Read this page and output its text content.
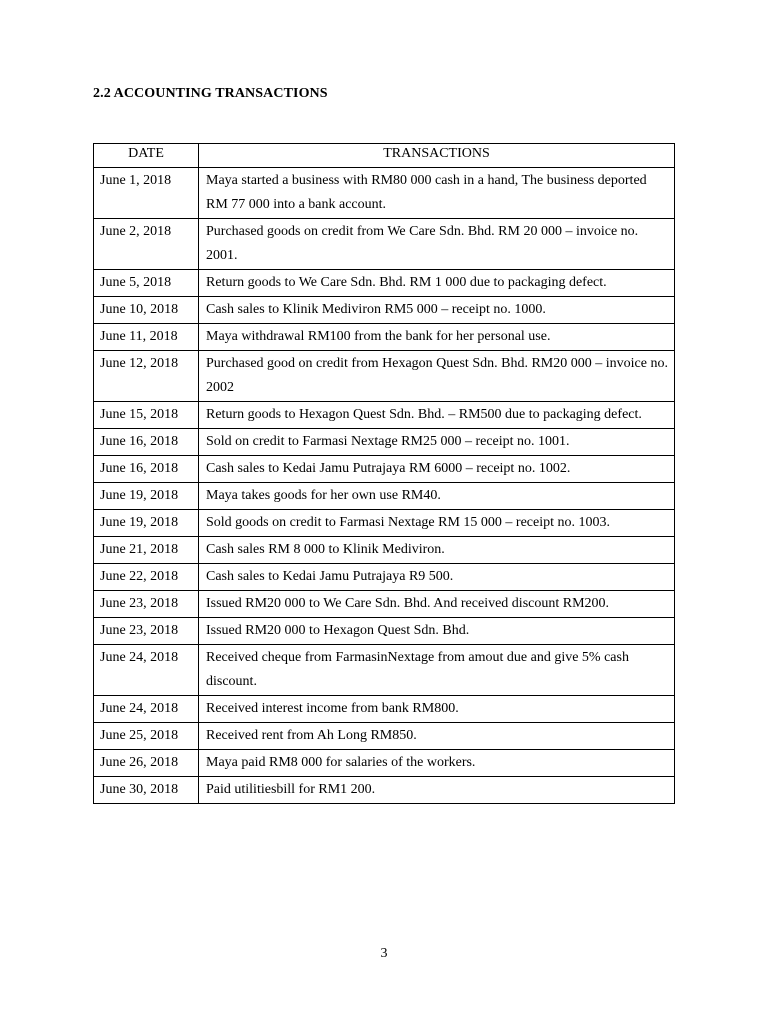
2.2 ACCOUNTING TRANSACTIONS
DATE	TRANSACTIONS
June 1, 2018	Maya started a business with RM80 000 cash in a hand, The business deported RM 77 000 into a bank account.
June 2, 2018	Purchased goods on credit from We Care Sdn. Bhd. RM 20 000 – invoice no. 2001.
June 5, 2018	Return goods to We Care Sdn. Bhd. RM 1 000 due to packaging defect.
June 10, 2018	Cash sales to Klinik Mediviron RM5 000 – receipt no. 1000.
June 11, 2018	Maya withdrawal RM100 from the bank for her personal use.
June 12, 2018	Purchased good on credit from Hexagon Quest Sdn. Bhd. RM20 000 – invoice no. 2002
June 15, 2018	Return goods to Hexagon Quest Sdn. Bhd. – RM500 due to packaging defect.
June 16, 2018	Sold on credit to Farmasi Nextage RM25 000 – receipt no. 1001.
June 16, 2018	Cash sales to Kedai Jamu Putrajaya RM 6000 – receipt no. 1002.
June 19, 2018	Maya takes goods for her own use RM40.
June 19, 2018	Sold goods on credit to Farmasi Nextage RM 15 000 – receipt no. 1003.
June 21, 2018	Cash sales RM 8 000 to Klinik Mediviron.
June 22, 2018	Cash sales to Kedai Jamu Putrajaya R9 500.
June 23, 2018	Issued RM20 000 to We Care Sdn. Bhd. And received discount RM200.
June 23, 2018	Issued RM20 000 to Hexagon Quest Sdn. Bhd.
June 24, 2018	Received cheque from FarmasinNextage from amout due and give 5% cash discount.
June 24, 2018	Received interest income from bank RM800.
June 25, 2018	Received rent from Ah Long RM850.
June 26, 2018	Maya paid RM8 000 for salaries of the workers.
June 30, 2018	Paid utilitiesbill for RM1 200.
3
